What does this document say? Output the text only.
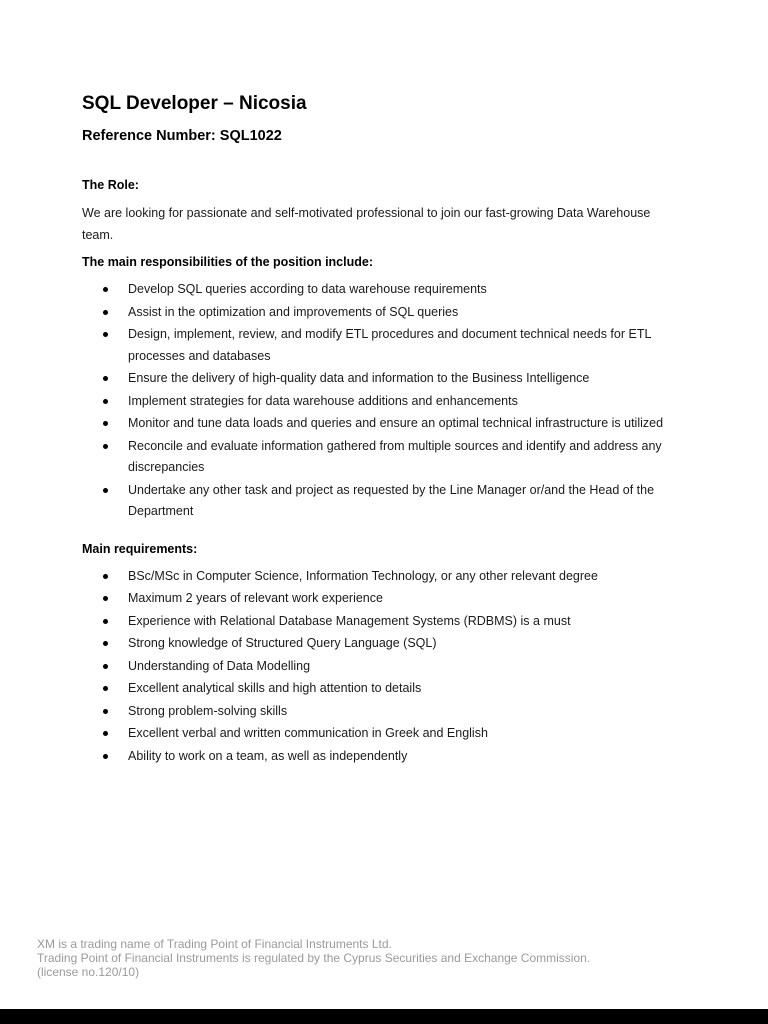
SQL Developer – Nicosia

Reference Number: SQL1022

The Role:

We are looking for passionate and self-motivated professional to join our fast-growing Data Warehouse team.

The main responsibilities of the position include:

Develop SQL queries according to data warehouse requirements
Assist in the optimization and improvements of SQL queries
Design, implement, review, and modify ETL procedures and document technical needs for ETL processes and databases
Ensure the delivery of high-quality data and information to the Business Intelligence
Implement strategies for data warehouse additions and enhancements
Monitor and tune data loads and queries and ensure an optimal technical infrastructure is utilized
Reconcile and evaluate information gathered from multiple sources and identify and address any discrepancies
Undertake any other task and project as requested by the Line Manager or/and the Head of the Department

Main requirements:

BSc/MSc in Computer Science, Information Technology, or any other relevant degree
Maximum 2 years of relevant work experience
Experience with Relational Database Management Systems (RDBMS) is a must
Strong knowledge of Structured Query Language (SQL)
Understanding of Data Modelling
Excellent analytical skills and high attention to details
Strong problem-solving skills
Excellent verbal and written communication in Greek and English
Ability to work on a team, as well as independently
XM is a trading name of Trading Point of Financial Instruments Ltd.
Trading Point of Financial Instruments is regulated by the Cyprus Securities and Exchange Commission.
(license no.120/10)
